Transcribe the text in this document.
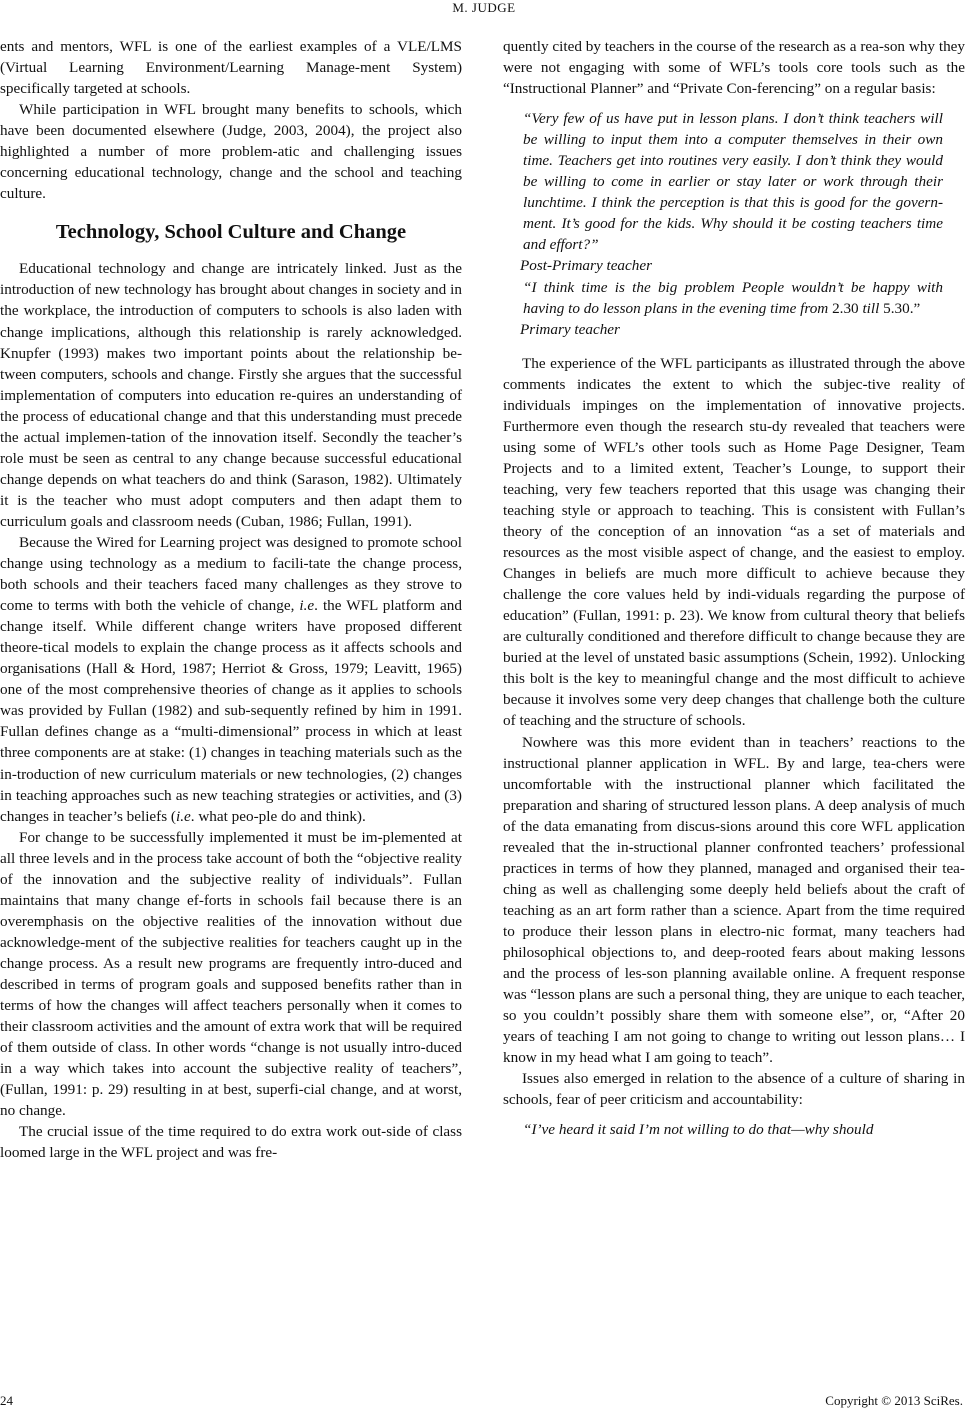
M. JUDGE

ents and mentors, WFL is one of the earliest examples of a VLE/LMS (Virtual Learning Environment/Learning Manage-ment System) specifically targeted at schools.

While participation in WFL brought many benefits to schools, which have been documented elsewhere (Judge, 2003, 2004), the project also highlighted a number of more problem-atic and challenging issues concerning educational technology, change and the school and teaching culture.

Technology, School Culture and Change

Educational technology and change are intricately linked. Just as the introduction of new technology has brought about changes in society and in the workplace, the introduction of computers to schools is also laden with change implications, although this relationship is rarely acknowledged. Knupfer (1993) makes two important points about the relationship be-tween computers, schools and change. Firstly she argues that the successful implementation of computers into education re-quires an understanding of the process of educational change and that this understanding must precede the actual implemen-tation of the innovation itself. Secondly the teacher’s role must be seen as central to any change because successful educational change depends on what teachers do and think (Sarason, 1982). Ultimately it is the teacher who must adopt computers and then adapt them to curriculum goals and classroom needs (Cuban, 1986; Fullan, 1991).

Because the Wired for Learning project was designed to promote school change using technology as a medium to facili-tate the change process, both schools and their teachers faced many challenges as they strove to come to terms with both the vehicle of change, i.e. the WFL platform and change itself. While different change writers have proposed different theore-tical models to explain the change process as it affects schools and organisations (Hall & Hord, 1987; Herriot & Gross, 1979; Leavitt, 1965) one of the most comprehensive theories of change as it applies to schools was provided by Fullan (1982) and sub-sequently refined by him in 1991. Fullan defines change as a “multi-dimensional” process in which at least three components are at stake: (1) changes in teaching materials such as the in-troduction of new curriculum materials or new technologies, (2) changes in teaching approaches such as new teaching strategies or activities, and (3) changes in teacher’s beliefs (i.e. what peo-ple do and think).

For change to be successfully implemented it must be im-plemented at all three levels and in the process take account of both the “objective reality of the innovation and the subjective reality of individuals”. Fullan maintains that many change ef-forts in schools fail because there is an overemphasis on the objective realities of the innovation without due acknowledge-ment of the subjective realities for teachers caught up in the change process. As a result new programs are frequently intro-duced and described in terms of program goals and supposed benefits rather than in terms of how the changes will affect teachers personally when it comes to their classroom activities and the amount of extra work that will be required of them outside of class. In other words “change is not usually intro-duced in a way which takes into account the subjective reality of teachers”, (Fullan, 1991: p. 29) resulting in at best, superfi-cial change, and at worst, no change.

The crucial issue of the time required to do extra work out-side of class loomed large in the WFL project and was fre-

quently cited by teachers in the course of the research as a rea-son why they were not engaging with some of WFL’s tools core tools such as the “Instructional Planner” and “Private Con-ferencing” on a regular basis:

“Very few of us have put in lesson plans. I don’t think teachers will be willing to input them into a computer themselves in their own time. Teachers get into routines very easily. I don’t think they would be willing to come in earlier or stay later or work through their lunchtime. I think the perception is that this is good for the govern-ment. It’s good for the kids. Why should it be costing teachers time and effort?”

Post-Primary teacher

“I think time is the big problem People wouldn’t be happy with having to do lesson plans in the evening time from 2.30 till 5.30.”

Primary teacher

The experience of the WFL participants as illustrated through the above comments indicates the extent to which the subjec-tive reality of individuals impinges on the implementation of innovative projects. Furthermore even though the research stu-dy revealed that teachers were using some of WFL’s other tools such as Home Page Designer, Team Projects and to a limited extent, Teacher’s Lounge, to support their teaching, very few teachers reported that this usage was changing their teaching style or approach to teaching. This is consistent with Fullan’s theory of the conception of an innovation “as a set of materials and resources as the most visible aspect of change, and the easiest to employ. Changes in beliefs are much more difficult to achieve because they challenge the core values held by indi-viduals regarding the purpose of education” (Fullan, 1991: p. 23). We know from cultural theory that beliefs are culturally conditioned and therefore difficult to change because they are buried at the level of unstated basic assumptions (Schein, 1992). Unlocking this bolt is the key to meaningful change and the most difficult to achieve because it involves some very deep changes that challenge both the culture of teaching and the structure of schools.

Nowhere was this more evident than in teachers’ reactions to the instructional planner application in WFL. By and large, tea-chers were uncomfortable with the instructional planner which facilitated the preparation and sharing of structured lesson plans. A deep analysis of much of the data emanating from discus-sions around this core WFL application revealed that the in-structional planner confronted teachers’ professional practices in terms of how they planned, managed and organised their tea-ching as well as challenging some deeply held beliefs about the craft of teaching as an art form rather than a science. Apart from the time required to produce their lesson plans in electro-nic format, many teachers had philosophical objections to, and deep-rooted fears about making lessons and the process of les-son planning available online. A frequent response was “lesson plans are such a personal thing, they are unique to each teacher, so you couldn’t possibly share them with someone else”, or, “After 20 years of teaching I am not going to change to writing out lesson plans… I know in my head what I am going to teach”.

Issues also emerged in relation to the absence of a culture of sharing in schools, fear of peer criticism and accountability:

“I’ve heard it said I’m not willing to do that—why should

24	Copyright © 2013 SciRes.
